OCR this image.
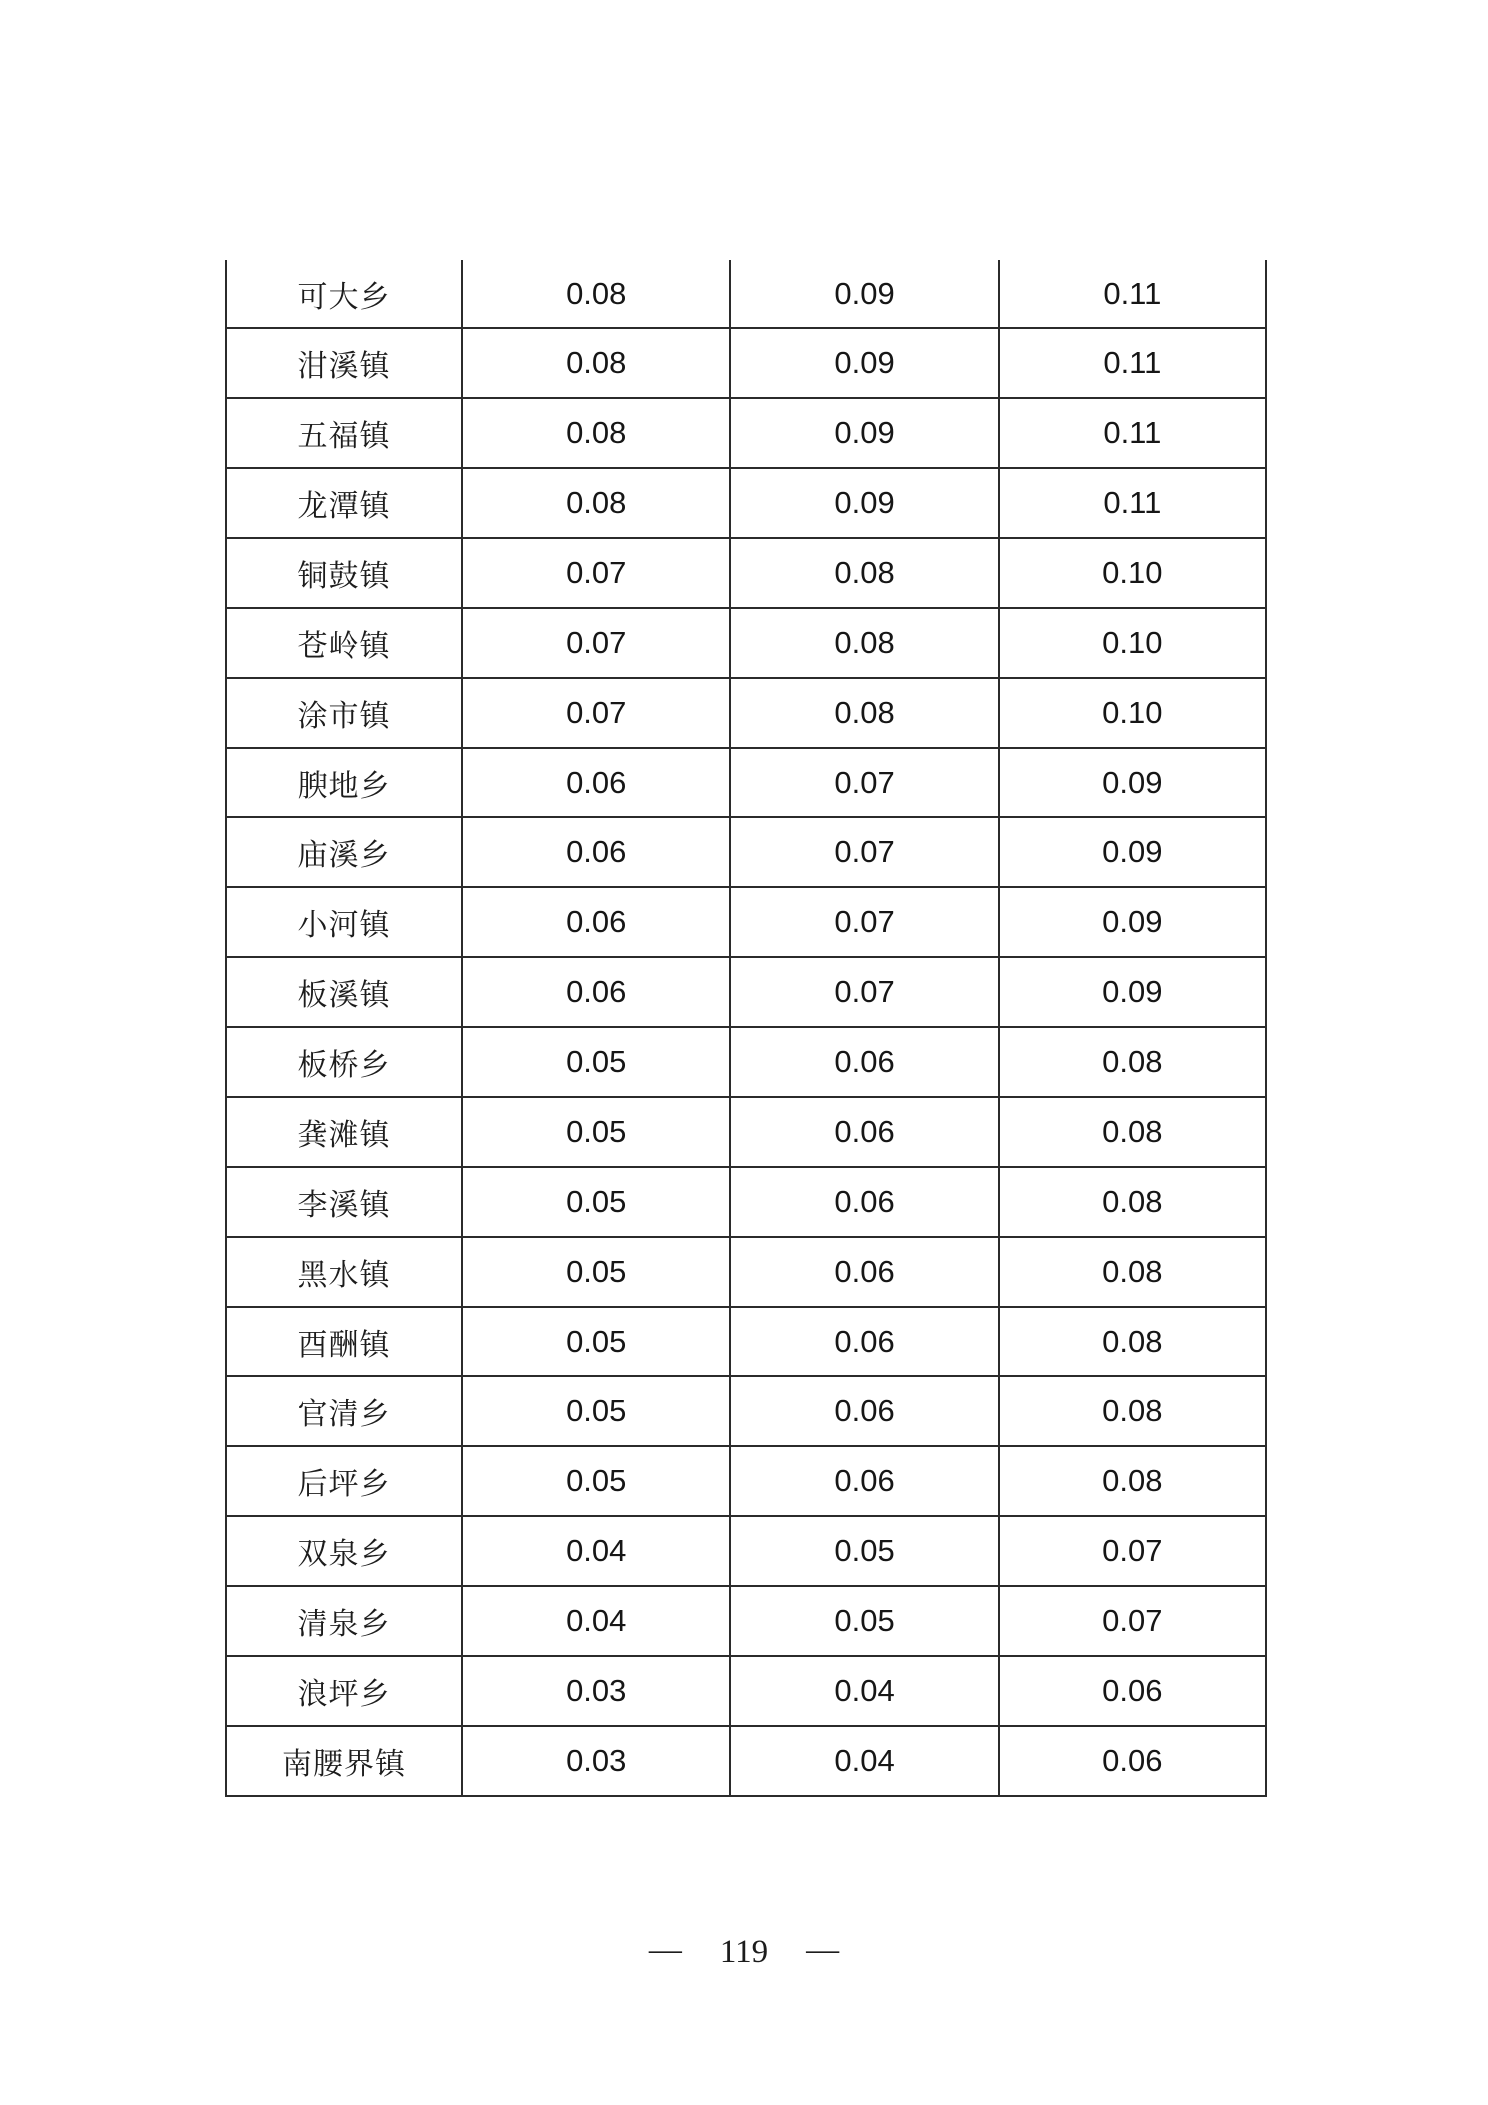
可大乡	0.08	0.09	0.11
泔溪镇	0.08	0.09	0.11
五福镇	0.08	0.09	0.11
龙潭镇	0.08	0.09	0.11
铜鼓镇	0.07	0.08	0.10
苍岭镇	0.07	0.08	0.10
涂市镇	0.07	0.08	0.10
腴地乡	0.06	0.07	0.09
庙溪乡	0.06	0.07	0.09
小河镇	0.06	0.07	0.09
板溪镇	0.06	0.07	0.09
板桥乡	0.05	0.06	0.08
龚滩镇	0.05	0.06	0.08
李溪镇	0.05	0.06	0.08
黑水镇	0.05	0.06	0.08
酉酬镇	0.05	0.06	0.08
官清乡	0.05	0.06	0.08
后坪乡	0.05	0.06	0.08
双泉乡	0.04	0.05	0.07
清泉乡	0.04	0.05	0.07
浪坪乡	0.03	0.04	0.06
南腰界镇	0.03	0.04	0.06
— 119 —
